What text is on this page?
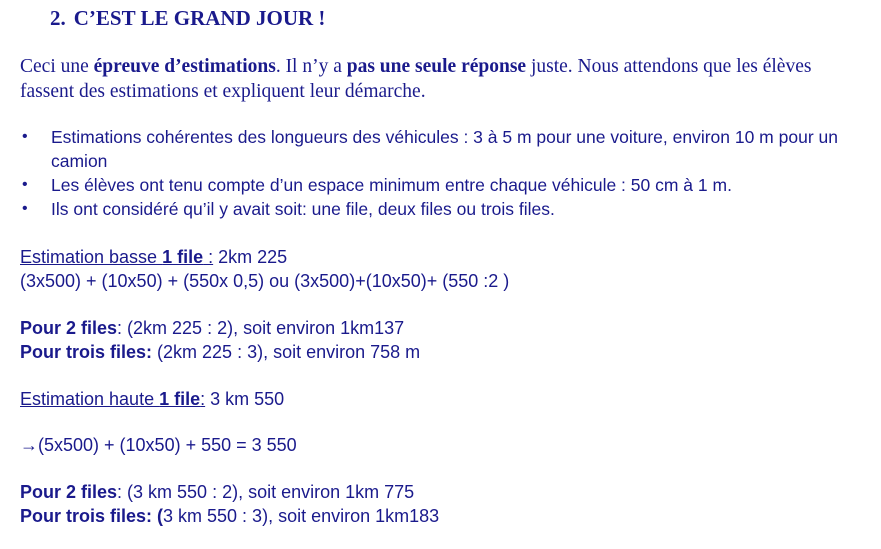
2. C’EST LE GRAND JOUR !
Ceci une épreuve d’estimations. Il n’y a pas une seule réponse juste. Nous attendons que les élèves fassent des estimations et expliquent leur démarche.
• Estimations cohérentes des longueurs des véhicules : 3 à 5 m pour une voiture, environ 10 m pour un camion
• Les élèves ont tenu compte d’un espace minimum entre chaque véhicule : 50 cm à 1 m.
• Ils ont considéré qu’il y avait soit: une file, deux files ou trois files.
Estimation basse 1 file : 2km 225
(3x500) + (10x50) + (550x 0,5) ou (3x500)+(10x50)+ (550 :2 )
Pour 2 files: (2km 225 : 2), soit environ 1km137
Pour trois files: (2km 225 : 3), soit environ 758 m
Estimation haute 1 file: 3 km 550
→(5x500) + (10x50) + 550 = 3 550
Pour 2 files: (3 km 550 : 2), soit environ 1km 775
Pour trois files: (3 km 550 : 3), soit environ 1km183
